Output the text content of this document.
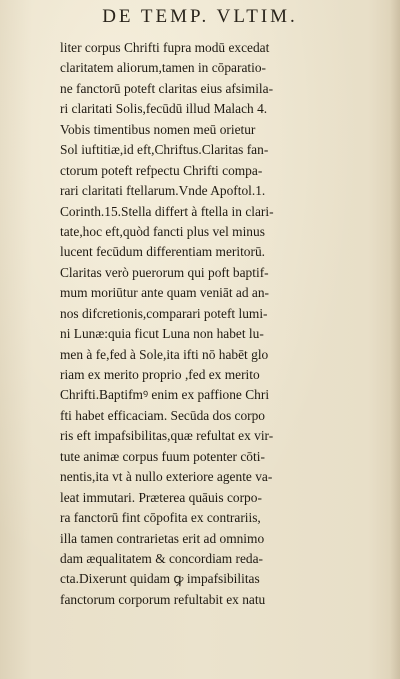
DE TEMP. VLTIM.
liter corpus Chrifti fupra modū excedat
claritatem aliorum,tamen in cōparatio-
ne fanctorū poteft claritas eius afsimila-
ri claritati Solis,fecūdū illud Malach 4.
Vobis timentibus nomen meū orietur
Sol iuftitiæ,id eft,Chriftus.Claritas fan-
ctorum poteft refpectu Chrifti compa-
rari claritati ftellarum.Vnde Apoftol.1.
Corinth.15.Stella differt à ftella in clari-
tate,hoc eft,quòd fancti plus vel minus
lucent fecūdum differentiam meritorū.
Claritas verò puerorum qui poft baptif-
mum moriūtur ante quam veniāt ad an-
nos difcretionis,comparari poteft lumi-
ni Lunæ:quia ficut Luna non habet lu-
men à fe,fed à Sole,ita ifti nō habēt glo
riam ex merito proprio ,fed ex merito
Chrifti.Baptifmꝰ enim ex paffione Chri
fti habet efficaciam. Secūda dos corpo
ris eft impafsibilitas,quæ refultat ex vir-
tute animæ corpus fuum potenter cōti-
nentis,ita vt à nullo exteriore agente va-
leat immutari. Præterea quāuis corpo-
ra fanctorū fint cōpofita ex contrariis,
illa tamen contrarietas erit ad omnimo
dam æqualitatem & concordiam reda-
cta.Dixerunt quidam ꝙ impafsibilitas
fanctorum corporum refultabit ex natu
